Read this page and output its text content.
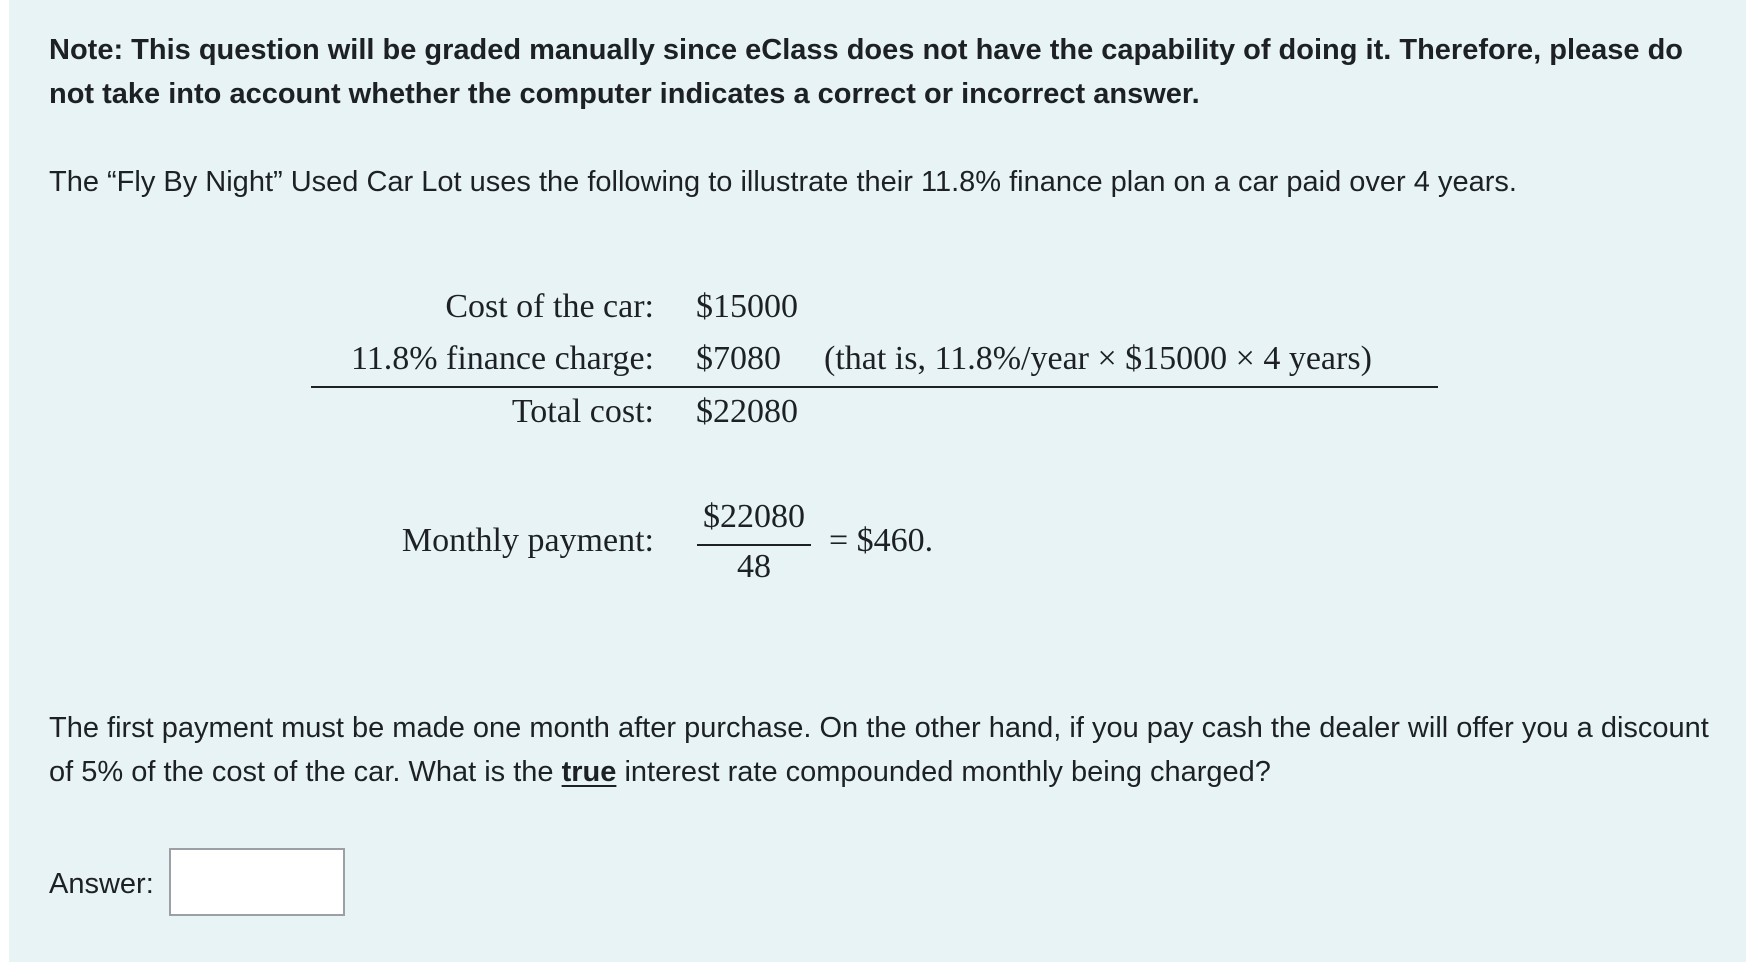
Note: This question will be graded manually since eClass does not have the capability of doing it. Therefore, please do not take into account whether the computer indicates a correct or incorrect answer.

The “Fly By Night” Used Car Lot uses the following to illustrate their 11.8% finance plan on a car paid over 4 years.

Cost of the car: $15000
11.8% finance charge: $7080 (that is, 11.8%/year × $15000 × 4 years)
Total cost: $22080
Monthly payment:
$22080
48
= $460.

The first payment must be made one month after purchase. On the other hand, if you pay cash the dealer will offer you a discount of 5% of the cost of the car. What is the true interest rate compounded monthly being charged?

Answer:
